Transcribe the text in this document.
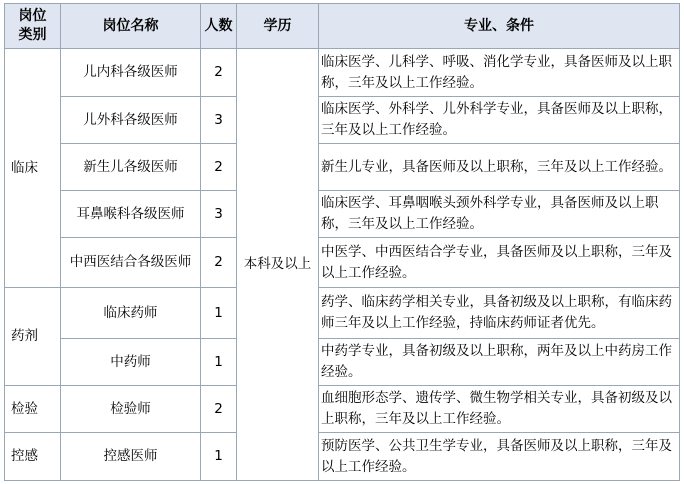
岗位
类别	岗位名称	人数	学历	专业、条件
临床	儿内科各级医师	2	本科及以上	临床医学、儿科学、呼吸、消化学专业，具备医师及以上职称，三年及以上工作经验。
	儿外科各级医师	3		临床医学、外科学、儿外科学专业，具备医师及以上职称，三年及以上工作经验。
	新生儿各级医师	2		新生儿专业，具备医师及以上职称，三年及以上工作经验。
	耳鼻喉科各级医师	3		临床医学、耳鼻咽喉头颈外科学专业，具备医师及以上职称，三年及以上工作经验。
	中西医结合各级医师	2		中医学、中西医结合学专业，具备医师及以上职称，三年及以上工作经验。
药剂	临床药师	1		药学、临床药学相关专业，具备初级及以上职称，有临床药师三年及以上工作经验，持临床药师证者优先。
	中药师	1		中药学专业，具备初级及以上职称，两年及以上中药房工作经验。
检验	检验师	2		血细胞形态学、遗传学、微生物学相关专业，具备初级及以上职称，三年及以上工作经验。
控感	控感医师	1		预防医学、公共卫生学专业，具备医师及以上职称，三年及以上工作经验。
